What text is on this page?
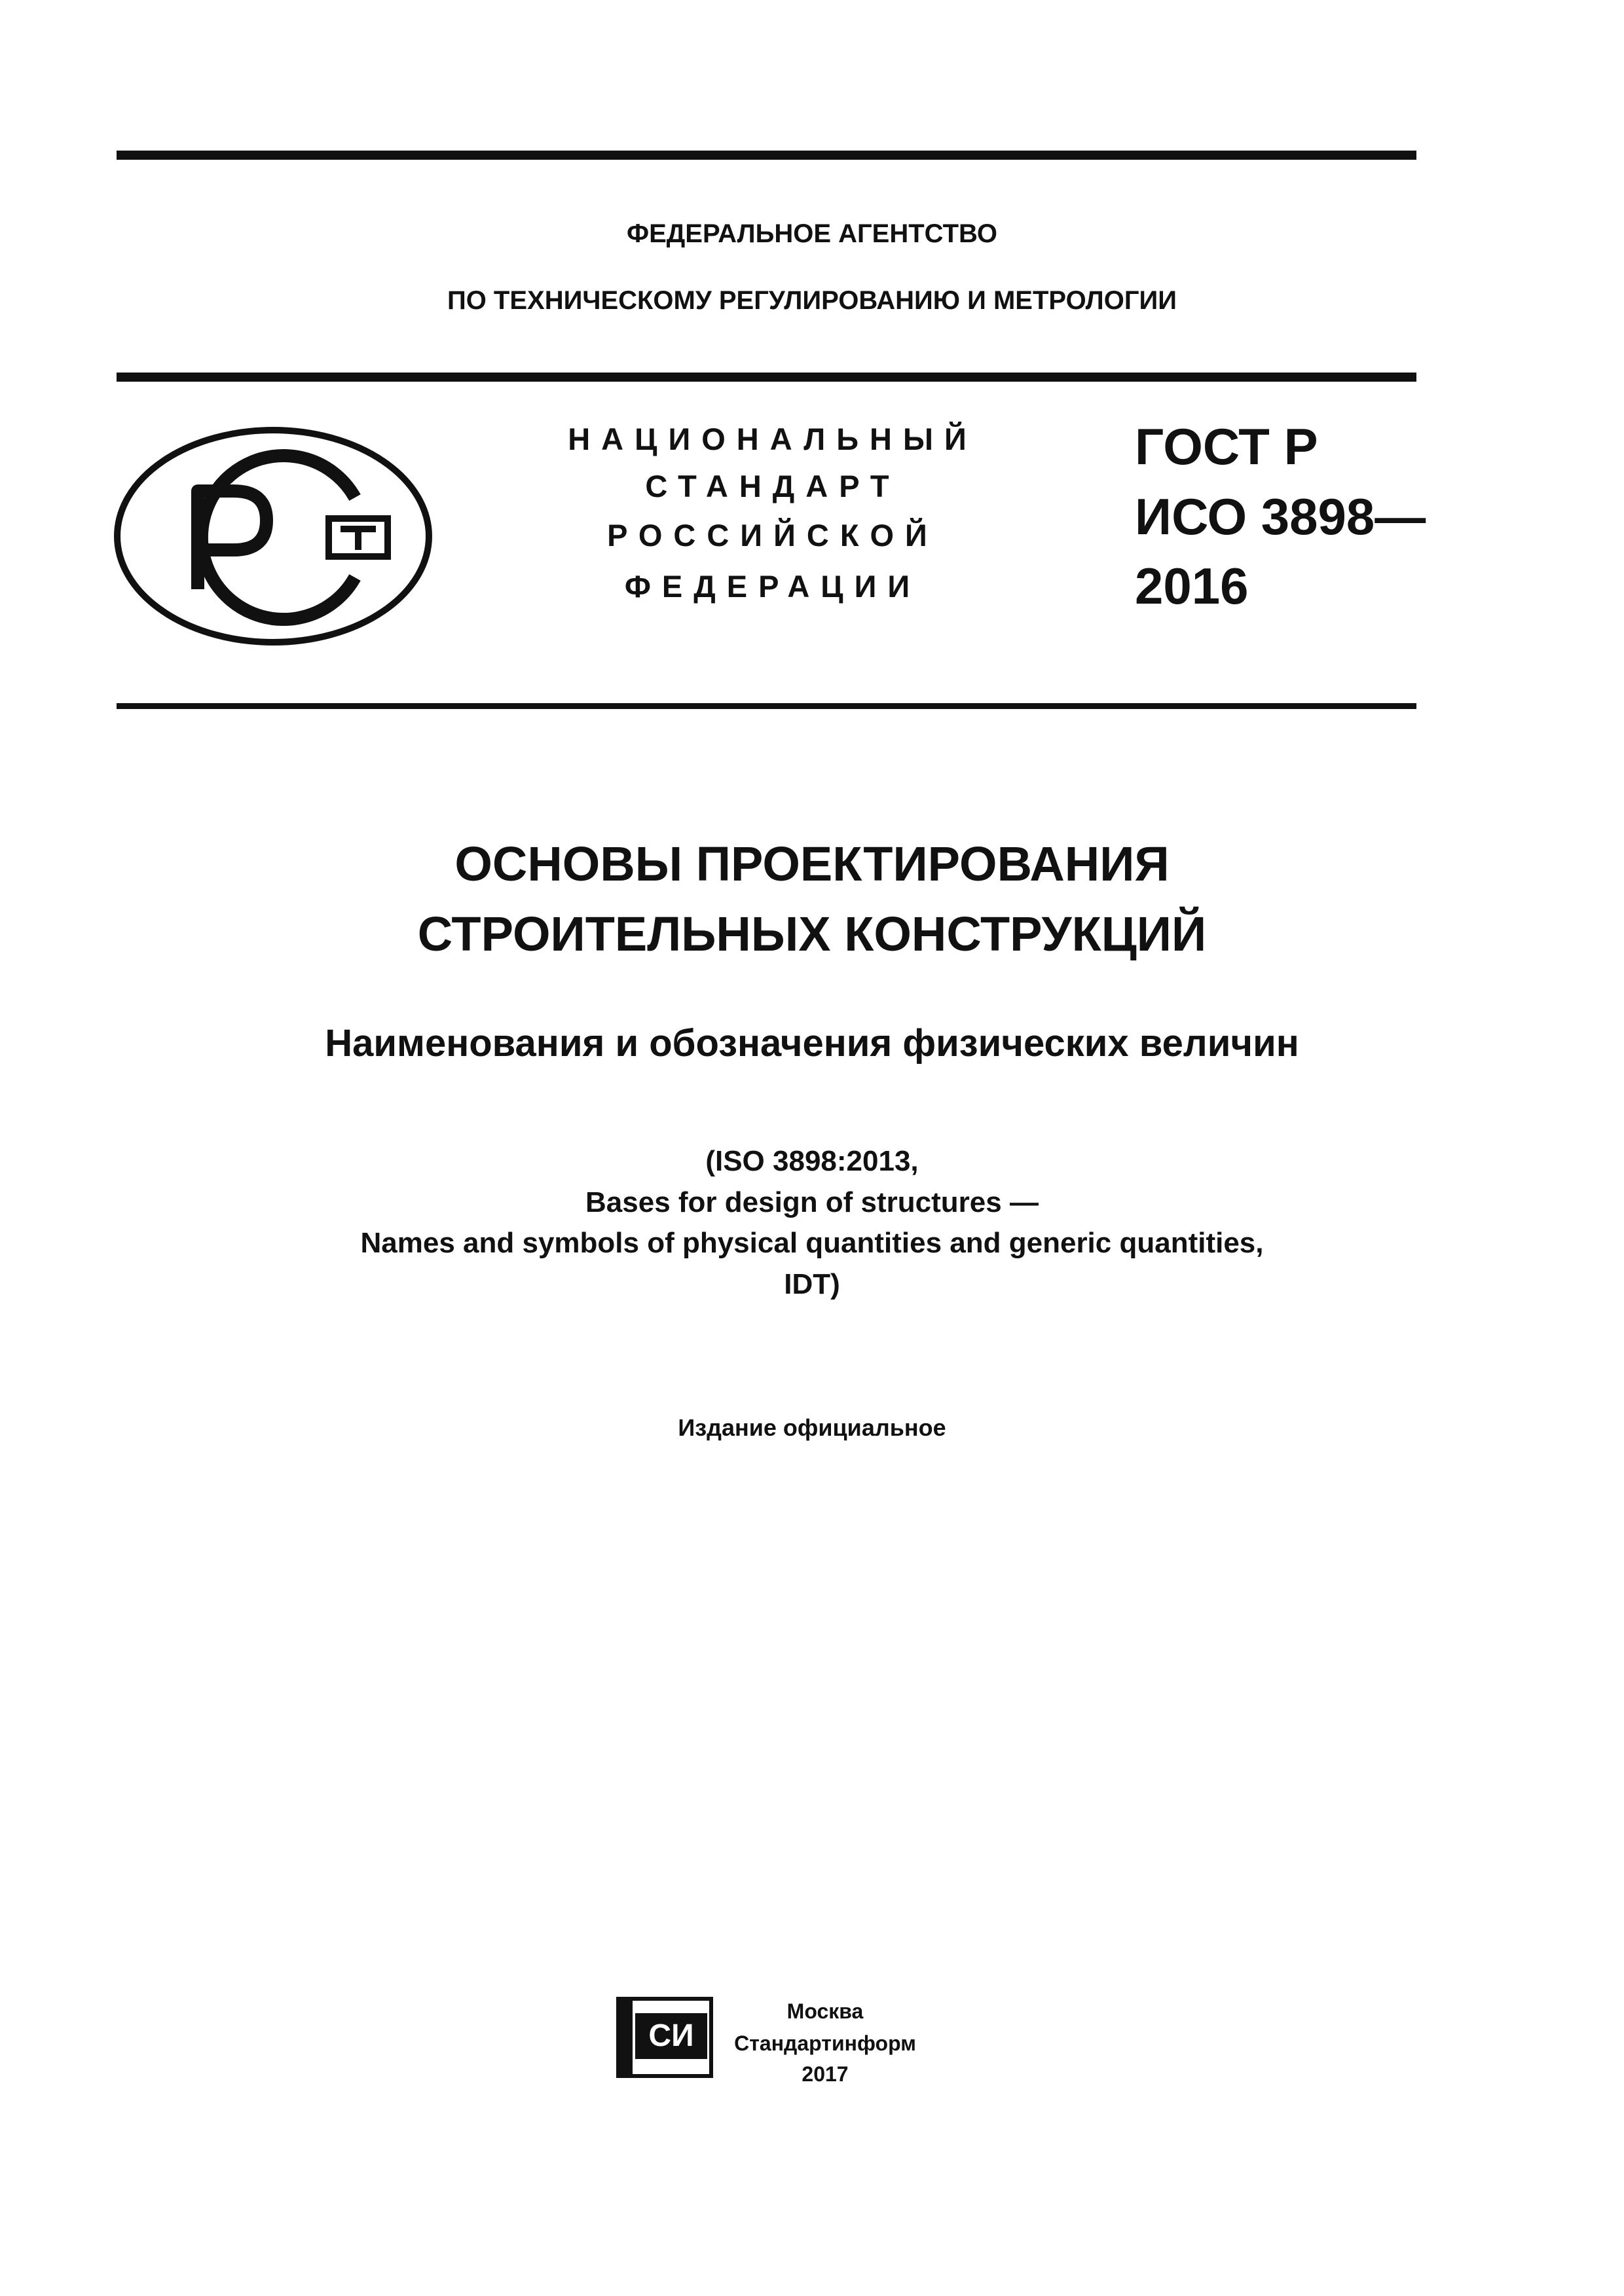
ФЕДЕРАЛЬНОЕ АГЕНТСТВО
ПО ТЕХНИЧЕСКОМУ РЕГУЛИРОВАНИЮ И МЕТРОЛОГИИ
НАЦИОНАЛЬНЫЙ
СТАНДАРТ
РОССИЙСКОЙ
ФЕДЕРАЦИИ
ГОСТ Р
ИСО 3898—
2016
ОСНОВЫ ПРОЕКТИРОВАНИЯ
СТРОИТЕЛЬНЫХ КОНСТРУКЦИЙ
Наименования и обозначения физических величин
(ISO 3898:2013,
Bases for design of structures —
Names and symbols of physical quantities and generic quantities,
IDT)
Издание официальное
СИ
Москва
Стандартинформ
2017
